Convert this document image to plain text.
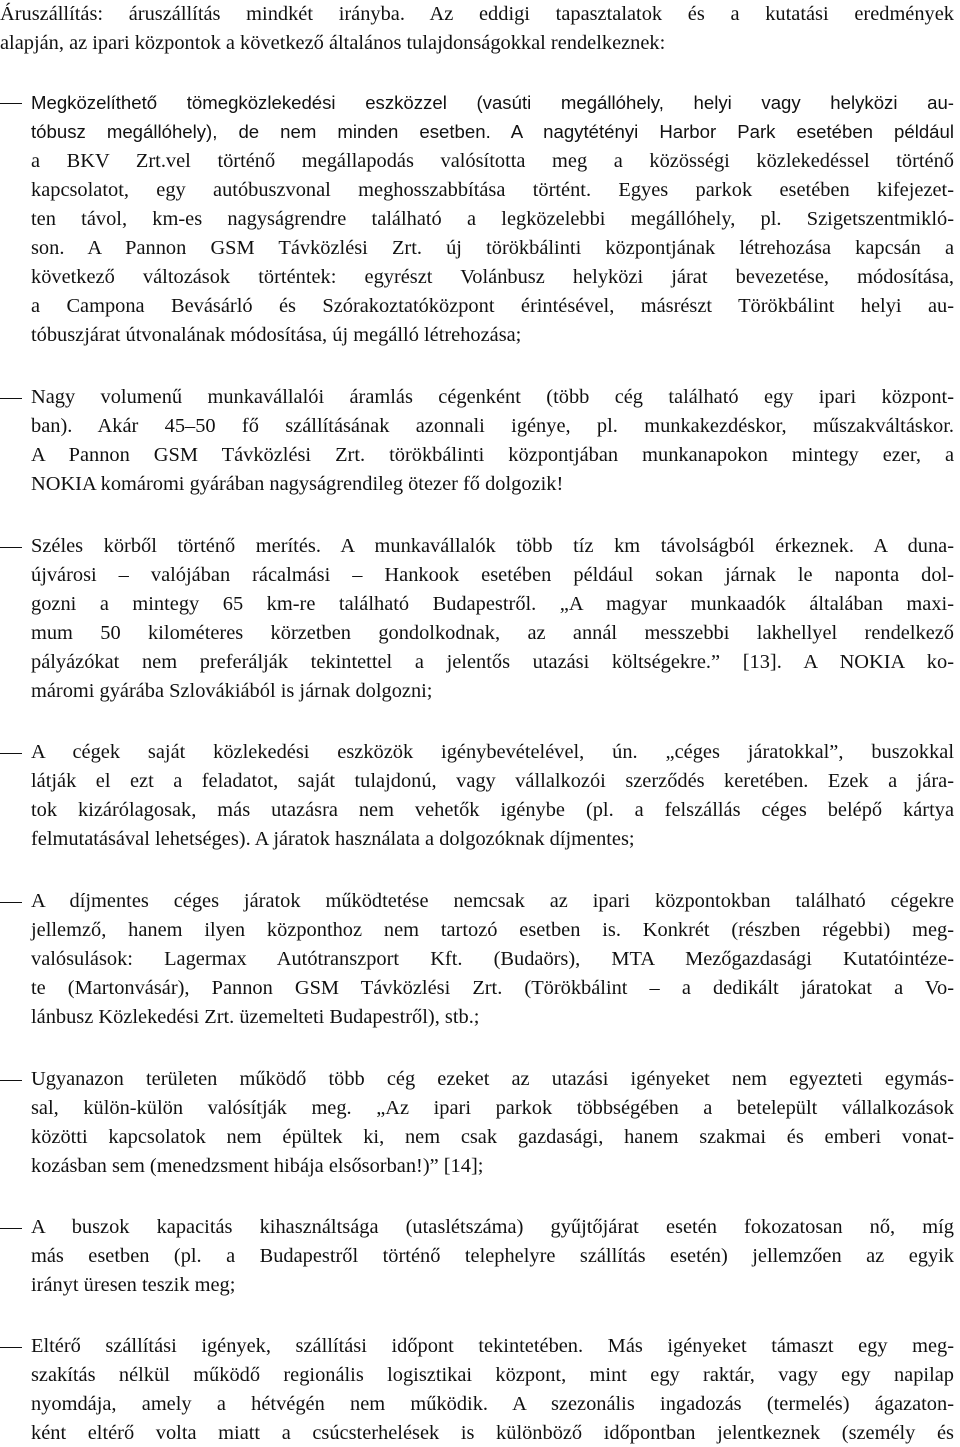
Áruszállítás: áruszállítás mindkét irányba. Az eddigi tapasztalatok és a kutatási eredmények
alapján, az ipari központok a következő általános tulajdonságokkal rendelkeznek:
Megközelíthető tömegközlekedési eszközzel (vasúti megállóhely, helyi vagy helyközi au-
tóbusz megállóhely), de nem minden esetben. A nagytétényi Harbor Park esetében például
a BKV Zrt.vel történő megállapodás valósította meg a közösségi közlekedéssel történő
kapcsolatot, egy autóbuszvonal meghosszabbítása történt. Egyes parkok esetében kifejezet-
ten távol, km-es nagyságrendre található a legközelebbi megállóhely, pl. Szigetszentmikló-
son. A Pannon GSM Távközlési Zrt. új törökbálinti központjának létrehozása kapcsán a
következő változások történtek: egyrészt Volánbusz helyközi járat bevezetése, módosítása,
a Campona Bevásárló és Szórakoztatóközpont érintésével, másrészt Törökbálint helyi au-
tóbuszjárat útvonalának módosítása, új megálló létrehozása;
Nagy volumenű munkavállalói áramlás cégenként (több cég található egy ipari központ-
ban). Akár 45–50 fő szállításának azonnali igénye, pl. munkakezdéskor, műszakváltáskor.
A Pannon GSM Távközlési Zrt. törökbálinti központjában munkanapokon mintegy ezer, a
NOKIA komáromi gyárában nagyságrendileg ötezer fő dolgozik!
Széles körből történő merítés. A munkavállalók több tíz km távolságból érkeznek. A duna-
újvárosi – valójában rácalmási – Hankook esetében például sokan járnak le naponta dol-
gozni a mintegy 65 km-re található Budapestről. „A magyar munkaadók általában maxi-
mum 50 kilométeres körzetben gondolkodnak, az annál messzebbi lakhellyel rendelkező
pályázókat nem preferálják tekintettel a jelentős utazási költségekre.” [13]. A NOKIA ko-
máromi gyárába Szlovákiából is járnak dolgozni;
A cégek saját közlekedési eszközök igénybevételével, ún. „céges járatokkal”, buszokkal
látják el ezt a feladatot, saját tulajdonú, vagy vállalkozói szerződés keretében. Ezek a jára-
tok kizárólagosak, más utazásra nem vehetők igénybe (pl. a felszállás céges belépő kártya
felmutatásával lehetséges). A járatok használata a dolgozóknak díjmentes;
A díjmentes céges járatok működtetése nemcsak az ipari központokban található cégekre
jellemző, hanem ilyen központhoz nem tartozó esetben is. Konkrét (részben régebbi) meg-
valósulások: Lagermax Autótranszport Kft. (Budaörs), MTA Mezőgazdasági Kutatóintéze-
te (Martonvásár), Pannon GSM Távközlési Zrt. (Törökbálint – a dedikált járatokat a Vo-
lánbusz Közlekedési Zrt. üzemelteti Budapestről), stb.;
Ugyanazon területen működő több cég ezeket az utazási igényeket nem egyezteti egymás-
sal, külön-külön valósítják meg. „Az ipari parkok többségében a betelepült vállalkozások
közötti kapcsolatok nem épültek ki, nem csak gazdasági, hanem szakmai és emberi vonat-
kozásban sem (menedzsment hibája elsősorban!)” [14];
A buszok kapacitás kihasználtsága (utaslétszáma) gyűjtőjárat esetén fokozatosan nő, míg
más esetben (pl. a Budapestről történő telephelyre szállítás esetén) jellemzően az egyik
irányt üresen teszik meg;
Eltérő szállítási igények, szállítási időpont tekintetében. Más igényeket támaszt egy meg-
szakítás nélkül működő regionális logisztikai központ, mint egy raktár, vagy egy napilap
nyomdája, amely a hétvégén nem működik. A szezonális ingadozás (termelés) ágazaton-
ként eltérő volta miatt a csúcsterhelések is különböző időpontban jelentkeznek (személy és
